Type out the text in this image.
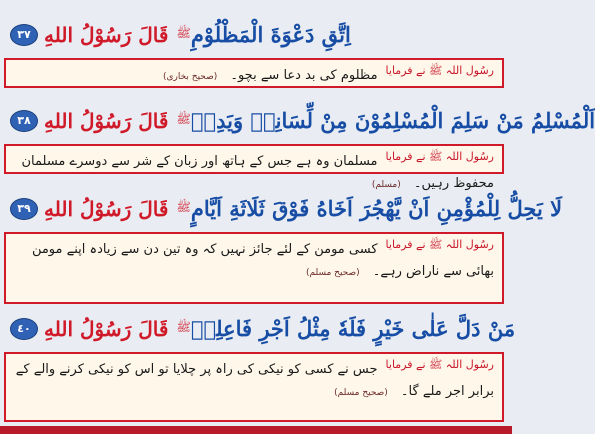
٣٧ قَالَ رَسُوْلُ اللهِ ﷺ اِتَّقِ دَعْوَةَ الْمَظْلُوْمِ
رسُول اللہ ﷺ نے فرمایا
مظلوم کی بد دعا سے بچو۔ (صحیح بخاری)
٣٨ قَالَ رَسُوْلُ اللهِ ﷺ اَلْمُسْلِمُ مَنْ سَلِمَ الْمُسْلِمُوْنَ مِنْ لِّسَانِهٖ وَيَدِهٖ
رسُول اللہ ﷺ نے فرمایا
مسلمان وہ ہے جس کے ہاتھ اور زبان کے شر سے دوسرے مسلمان محفوظ رہیں۔ (مسلم)
٣٩ قَالَ رَسُوْلُ اللهِ ﷺ لَا يَحِلُّ لِلْمُؤْمِنِ اَنْ يَّهْجُرَ اَخَاهُ فَوْقَ ثَلَاثَةِ اَيَّامٍ
رسُول اللہ ﷺ نے فرمایا
کسی مومن کے لئے جائز نہیں کہ وہ تین دن سے زیادہ اپنے مومن بھائی سے ناراض رہے۔ (صحیح مسلم)
٤٠ قَالَ رَسُوْلُ اللهِ ﷺ مَنْ دَلَّ عَلٰى خَيْرٍ فَلَهٗ مِثْلُ اَجْرِ فَاعِلِهٖ
رسُول اللہ ﷺ نے فرمایا
جس نے کسی کو نیکی کی راہ پر چلایا تو اس کو نیکی کرنے والے کے برابر اجر ملے گا۔ (صحیح مسلم)
